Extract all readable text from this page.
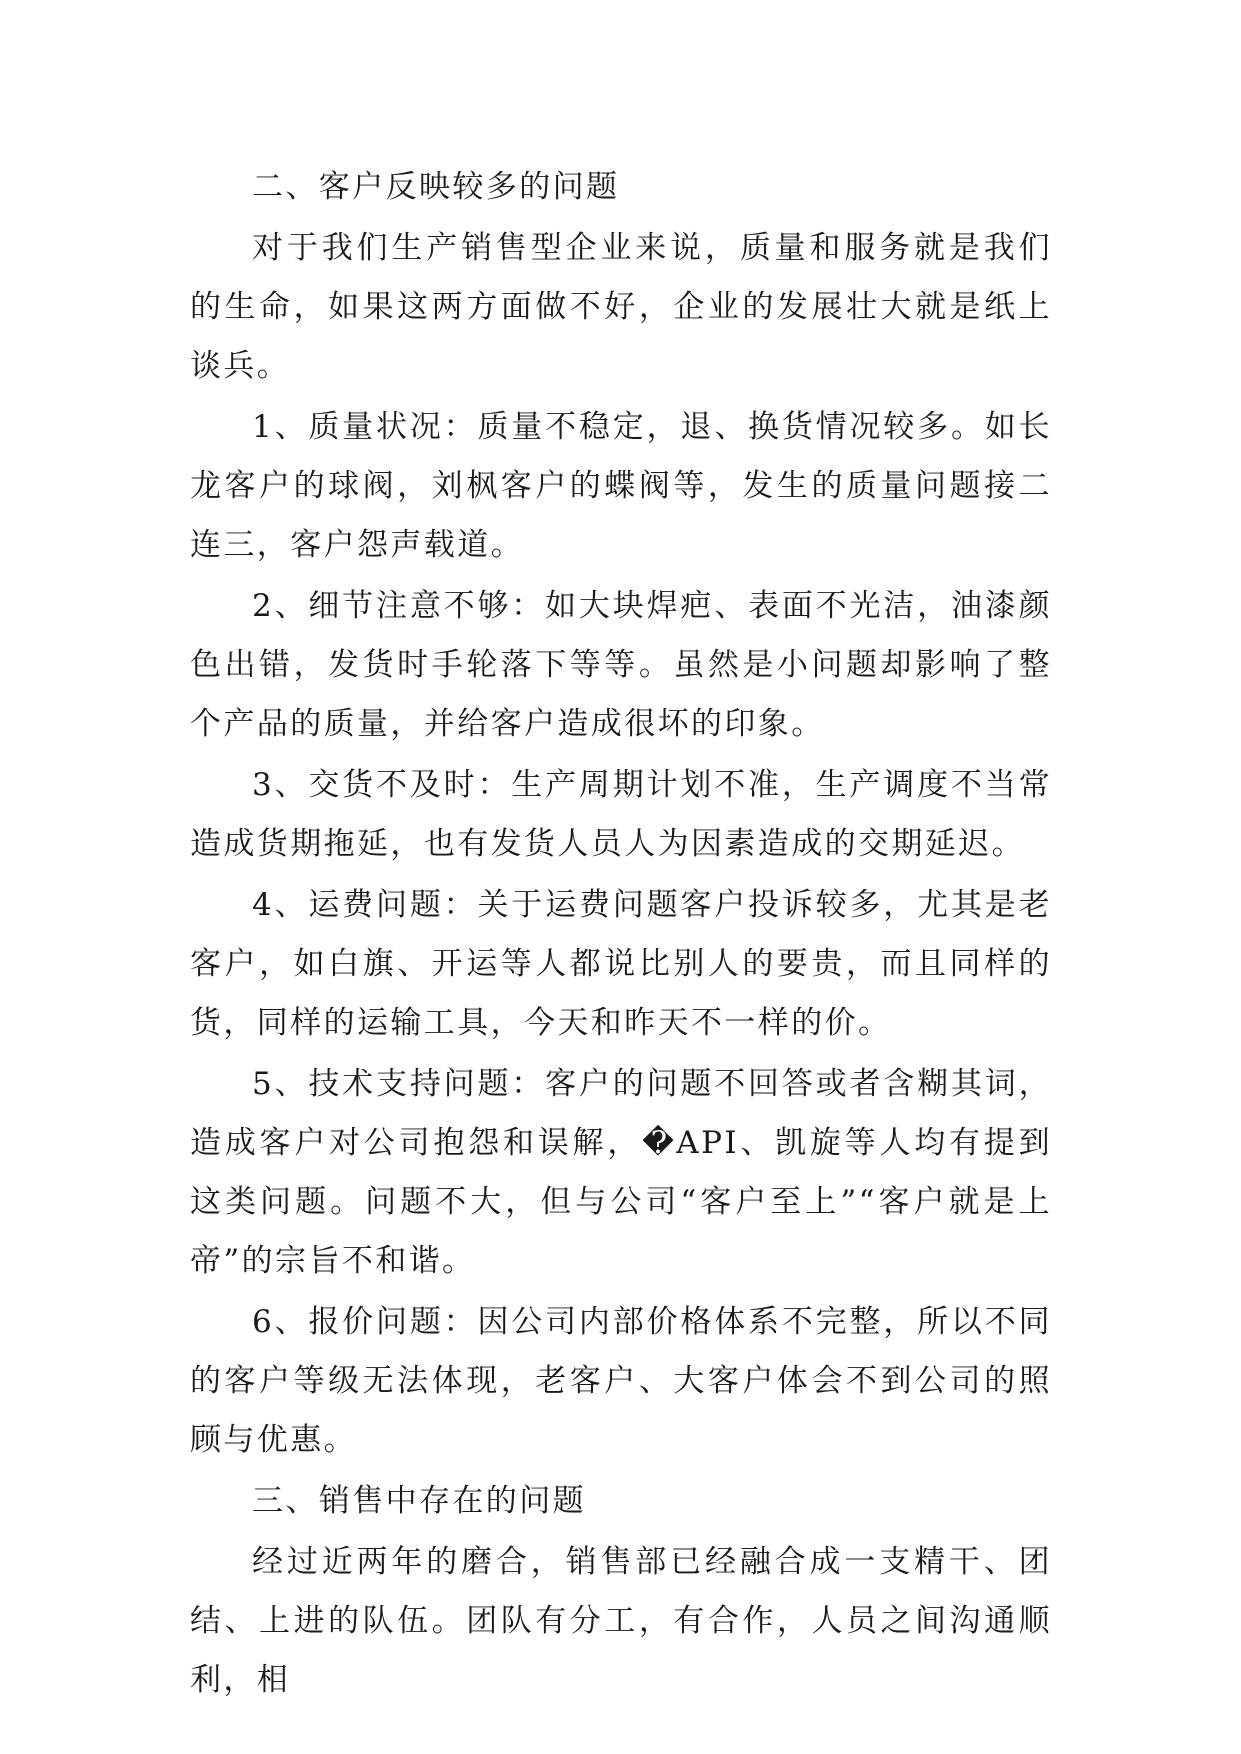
二、客户反映较多的问题

对于我们生产销售型企业来说，质量和服务就是我们的生命，如果这两方面做不好，企业的发展壮大就是纸上谈兵。

1、质量状况：质量不稳定，退、换货情况较多。如长龙客户的球阀，刘枫客户的蝶阀等，发生的质量问题接二连三，客户怨声载道。

2、细节注意不够：如大块焊疤、表面不光洁，油漆颜色出错，发货时手轮落下等等。虽然是小问题却影响了整个产品的质量，并给客户造成很坏的印象。

3、交货不及时：生产周期计划不准，生产调度不当常造成货期拖延，也有发货人员人为因素造成的交期延迟。

4、运费问题：关于运费问题客户投诉较多，尤其是老客户，如白旗、开运等人都说比别人的要贵，而且同样的货，同样的运输工具，今天和昨天不一样的价。

5、技术支持问题：客户的问题不回答或者含糊其词，造成客户对公司抱怨和误解，�API、凯旋等人均有提到这类问题。问题不大，但与公司“客户至上”“客户就是上帝”的宗旨不和谐。

6、报价问题：因公司内部价格体系不完整，所以不同的客户等级无法体现，老客户、大客户体会不到公司的照顾与优惠。

三、销售中存在的问题

经过近两年的磨合，销售部已经融合成一支精干、团结、上进的队伍。团队有分工，有合作，人员之间沟通顺利，相
